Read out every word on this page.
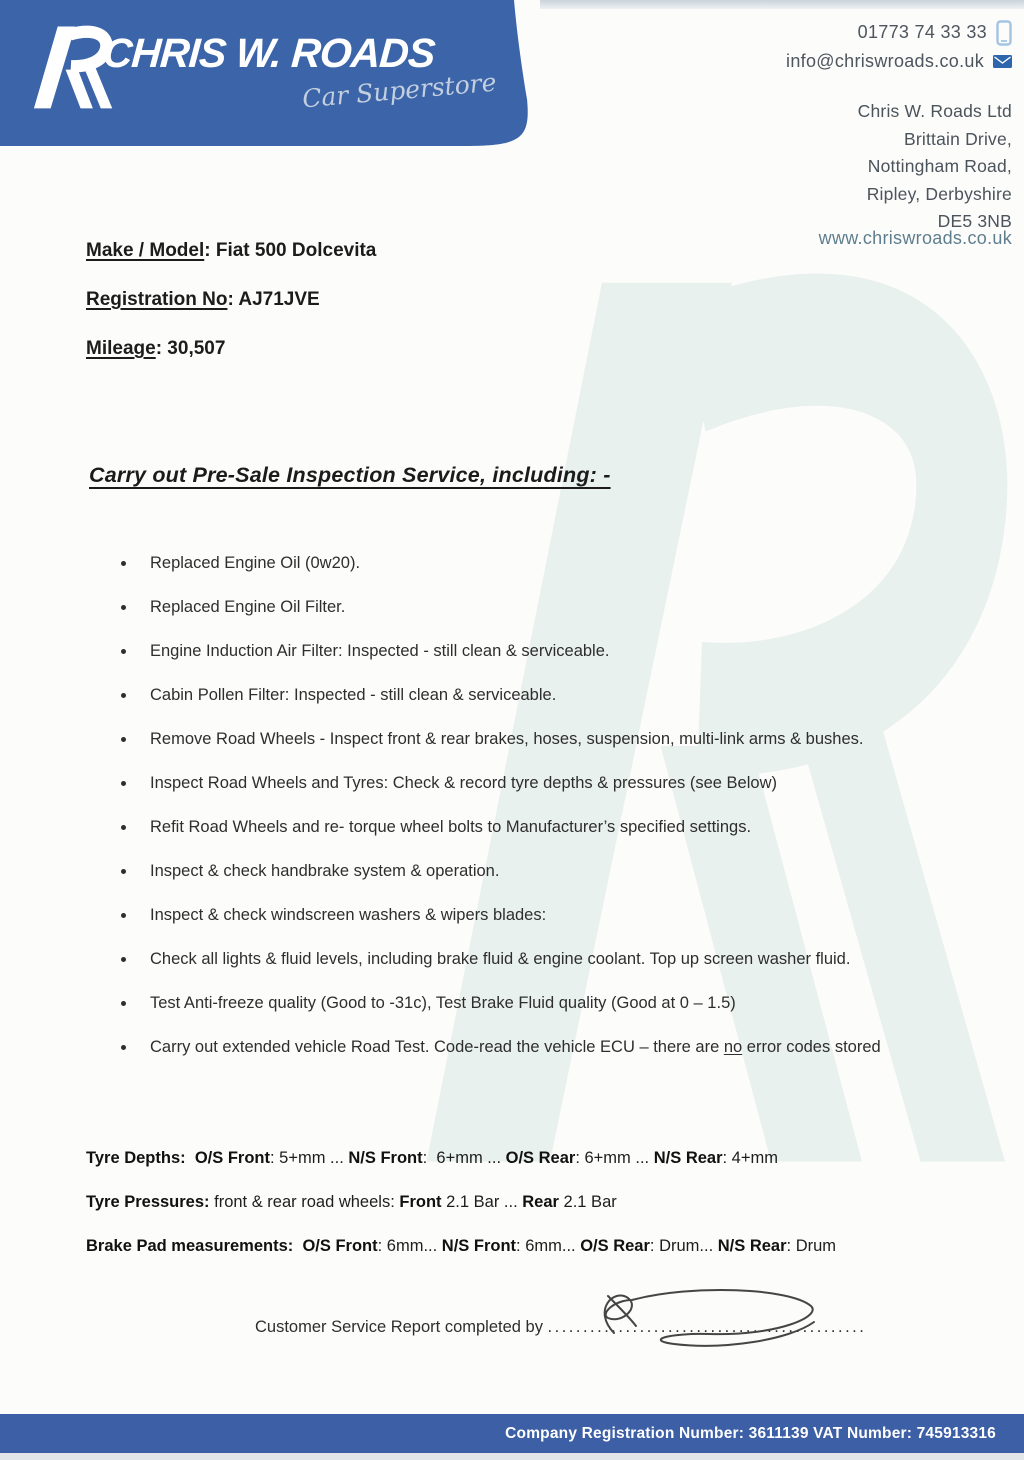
CHRIS W. ROADS
Car Superstore
01773 74 33 33
info@chriswroads.co.uk
Chris W. Roads Ltd
Brittain Drive,
Nottingham Road,
Ripley, Derbyshire
DE5 3NB
www.chriswroads.co.uk
Make / Model: Fiat 500 Dolcevita
Registration No: AJ71JVE
Mileage: 30,507
Carry out Pre-Sale Inspection Service, including: -
Replaced Engine Oil (0w20).
Replaced Engine Oil Filter.
Engine Induction Air Filter: Inspected - still clean & serviceable.
Cabin Pollen Filter: Inspected - still clean & serviceable.
Remove Road Wheels - Inspect front & rear brakes, hoses, suspension, multi-link arms & bushes.
Inspect Road Wheels and Tyres: Check & record tyre depths & pressures (see Below)
Refit Road Wheels and re- torque wheel bolts to Manufacturer’s specified settings.
Inspect & check handbrake system & operation.
Inspect & check windscreen washers & wipers blades:
Check all lights & fluid levels, including brake fluid & engine coolant. Top up screen washer fluid.
Test Anti-freeze quality (Good to -31c), Test Brake Fluid quality (Good at 0 – 1.5)
Carry out extended vehicle Road Test. Code-read the vehicle ECU – there are no error codes stored
Tyre Depths: O/S Front: 5+mm ... N/S Front:  6+mm ... O/S Rear: 6+mm ... N/S Rear: 4+mm
Tyre Pressures: front & rear road wheels: Front 2.1 Bar ... Rear 2.1 Bar
Brake Pad measurements: O/S Front: 6mm... N/S Front: 6mm... O/S Rear: Drum... N/S Rear: Drum
Customer Service Report completed by .............................................
Company Registration Number: 3611139 VAT Number: 745913316
